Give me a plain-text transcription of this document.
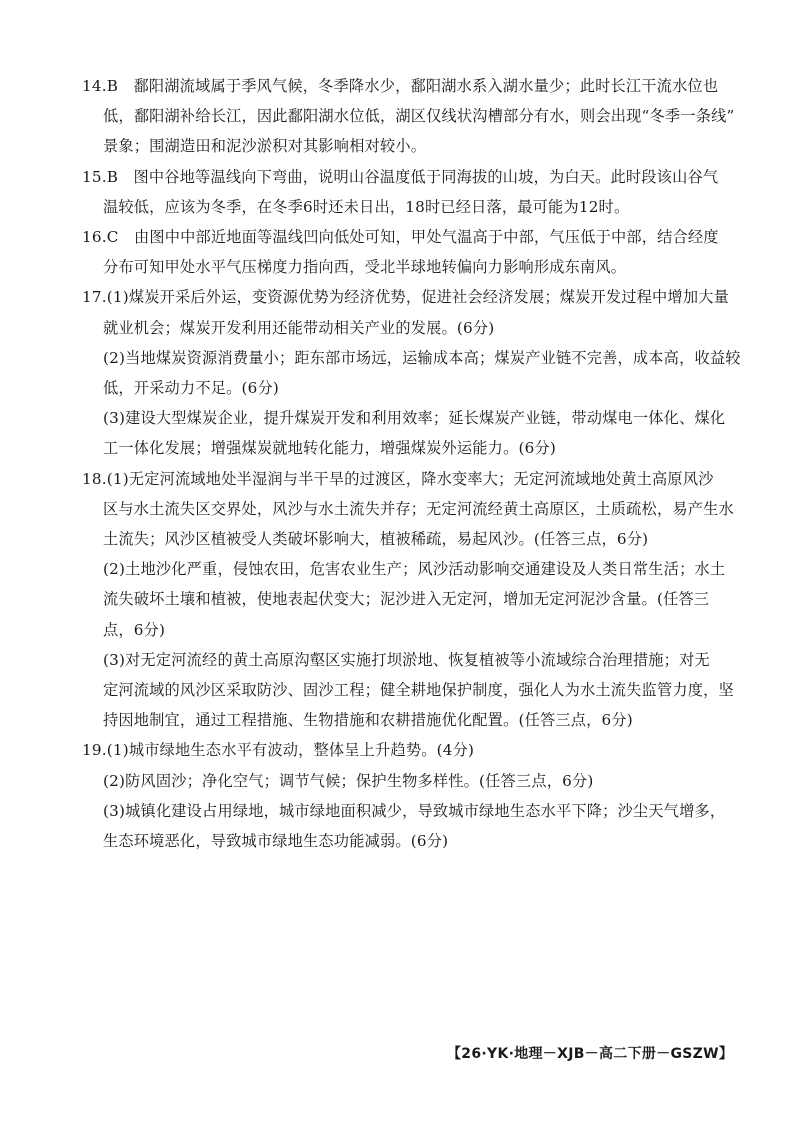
14.B　鄱阳湖流域属于季风气候，冬季降水少，鄱阳湖水系入湖水量少；此时长江干流水位也
低，鄱阳湖补给长江，因此鄱阳湖水位低，湖区仅线状沟槽部分有水，则会出现“冬季一条线”
景象；围湖造田和泥沙淤积对其影响相对较小。
15.B　图中谷地等温线向下弯曲，说明山谷温度低于同海拔的山坡，为白天。此时段该山谷气
温较低，应该为冬季，在冬季6时还未日出，18时已经日落，最可能为12时。
16.C　由图中中部近地面等温线凹向低处可知，甲处气温高于中部，气压低于中部，结合经度
分布可知甲处水平气压梯度力指向西，受北半球地转偏向力影响形成东南风。
17.(1)煤炭开采后外运，变资源优势为经济优势，促进社会经济发展；煤炭开发过程中增加大量
就业机会；煤炭开发利用还能带动相关产业的发展。(6分)
(2)当地煤炭资源消费量小；距东部市场远，运输成本高；煤炭产业链不完善，成本高，收益较
低，开采动力不足。(6分)
(3)建设大型煤炭企业，提升煤炭开发和利用效率；延长煤炭产业链，带动煤电一体化、煤化
工一体化发展；增强煤炭就地转化能力，增强煤炭外运能力。(6分)
18.(1)无定河流域地处半湿润与半干旱的过渡区，降水变率大；无定河流域地处黄土高原风沙
区与水土流失区交界处，风沙与水土流失并存；无定河流经黄土高原区，土质疏松，易产生水
土流失；风沙区植被受人类破坏影响大，植被稀疏，易起风沙。(任答三点，6分)
(2)土地沙化严重，侵蚀农田，危害农业生产；风沙活动影响交通建设及人类日常生活；水土
流失破坏土壤和植被，使地表起伏变大；泥沙进入无定河，增加无定河泥沙含量。(任答三
点，6分)
(3)对无定河流经的黄土高原沟壑区实施打坝淤地、恢复植被等小流域综合治理措施；对无
定河流域的风沙区采取防沙、固沙工程；健全耕地保护制度，强化人为水土流失监管力度，坚
持因地制宜，通过工程措施、生物措施和农耕措施优化配置。(任答三点，6分)
19.(1)城市绿地生态水平有波动，整体呈上升趋势。(4分)
(2)防风固沙；净化空气；调节气候；保护生物多样性。(任答三点，6分)
(3)城镇化建设占用绿地，城市绿地面积减少，导致城市绿地生态水平下降；沙尘天气增多，
生态环境恶化，导致城市绿地生态功能减弱。(6分)
【26·YK·地理－XJB－高二下册－GSZW】
